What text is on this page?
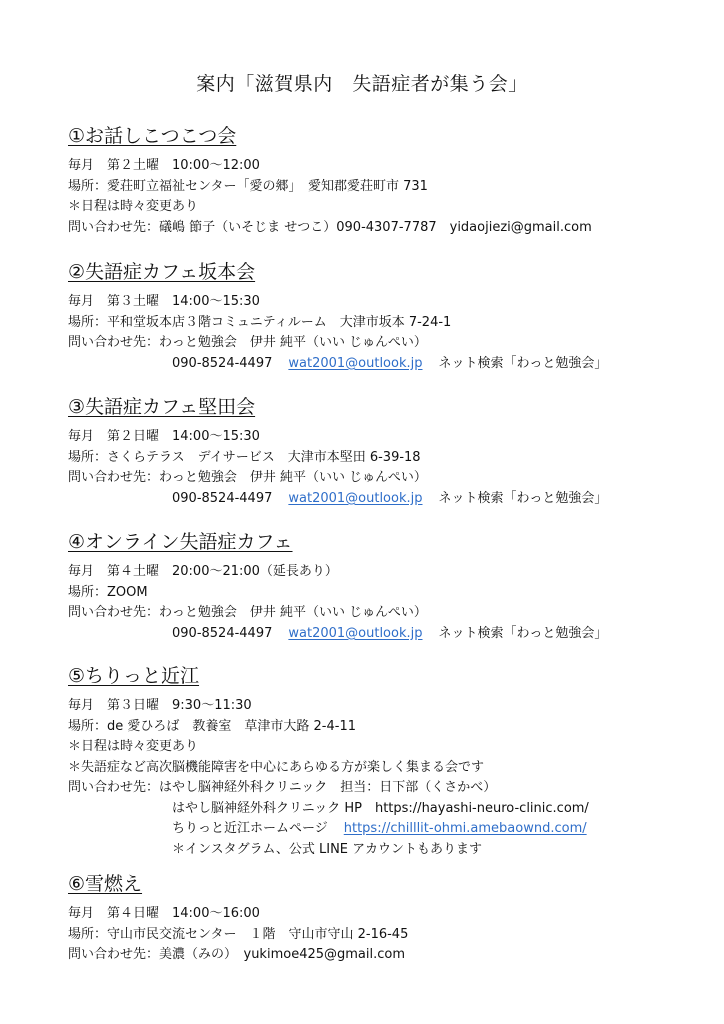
案内「滋賀県内　失語症者が集う会」
①お話しこつこつ会
毎月　第２土曜　10:00～12:00
場所：愛荘町立福祉センター「愛の郷」　愛知郡愛荘町市 731
＊日程は時々変更あり
問い合わせ先：礒嶋 節子（いそじま せつこ）090-4307-7787　yidaojiezi@gmail.com
②失語症カフェ坂本会
毎月　第３土曜　14:00～15:30
場所：平和堂坂本店３階コミュニティルーム　大津市坂本 7-24-1
問い合わせ先：わっと勉強会　伊井 純平（いい じゅんぺい）
090-8524-4497 wat2001@outlook.jp ネット検索「わっと勉強会」
③失語症カフェ堅田会
毎月　第２日曜　14:00～15:30
場所：さくらテラス　デイサービス　大津市本堅田 6-39-18
問い合わせ先：わっと勉強会　伊井 純平（いい じゅんぺい）
090-8524-4497 wat2001@outlook.jp ネット検索「わっと勉強会」
④オンライン失語症カフェ
毎月　第４土曜　20:00～21:00（延長あり）
場所：ZOOM
問い合わせ先：わっと勉強会　伊井 純平（いい じゅんぺい）
090-8524-4497 wat2001@outlook.jp ネット検索「わっと勉強会」
⑤ちりっと近江
毎月　第３日曜　9:30～11:30
場所：de 愛ひろば　教養室　草津市大路 2-4-11
＊日程は時々変更あり
＊失語症など高次脳機能障害を中心にあらゆる方が楽しく集まる会です
問い合わせ先：はやし脳神経外科クリニック　担当：日下部（くさかべ）
はやし脳神経外科クリニック HP　https://hayashi-neuro-clinic.com/
ちりっと近江ホームページ https://chilllit-ohmi.amebaownd.com/
＊インスタグラム、公式 LINE アカウントもあります
⑥雪燃え
毎月　第４日曜　14:00～16:00
場所：守山市民交流センター　１階　守山市守山 2-16-45
問い合わせ先：美濃（みの）　yukimoe425@gmail.com
